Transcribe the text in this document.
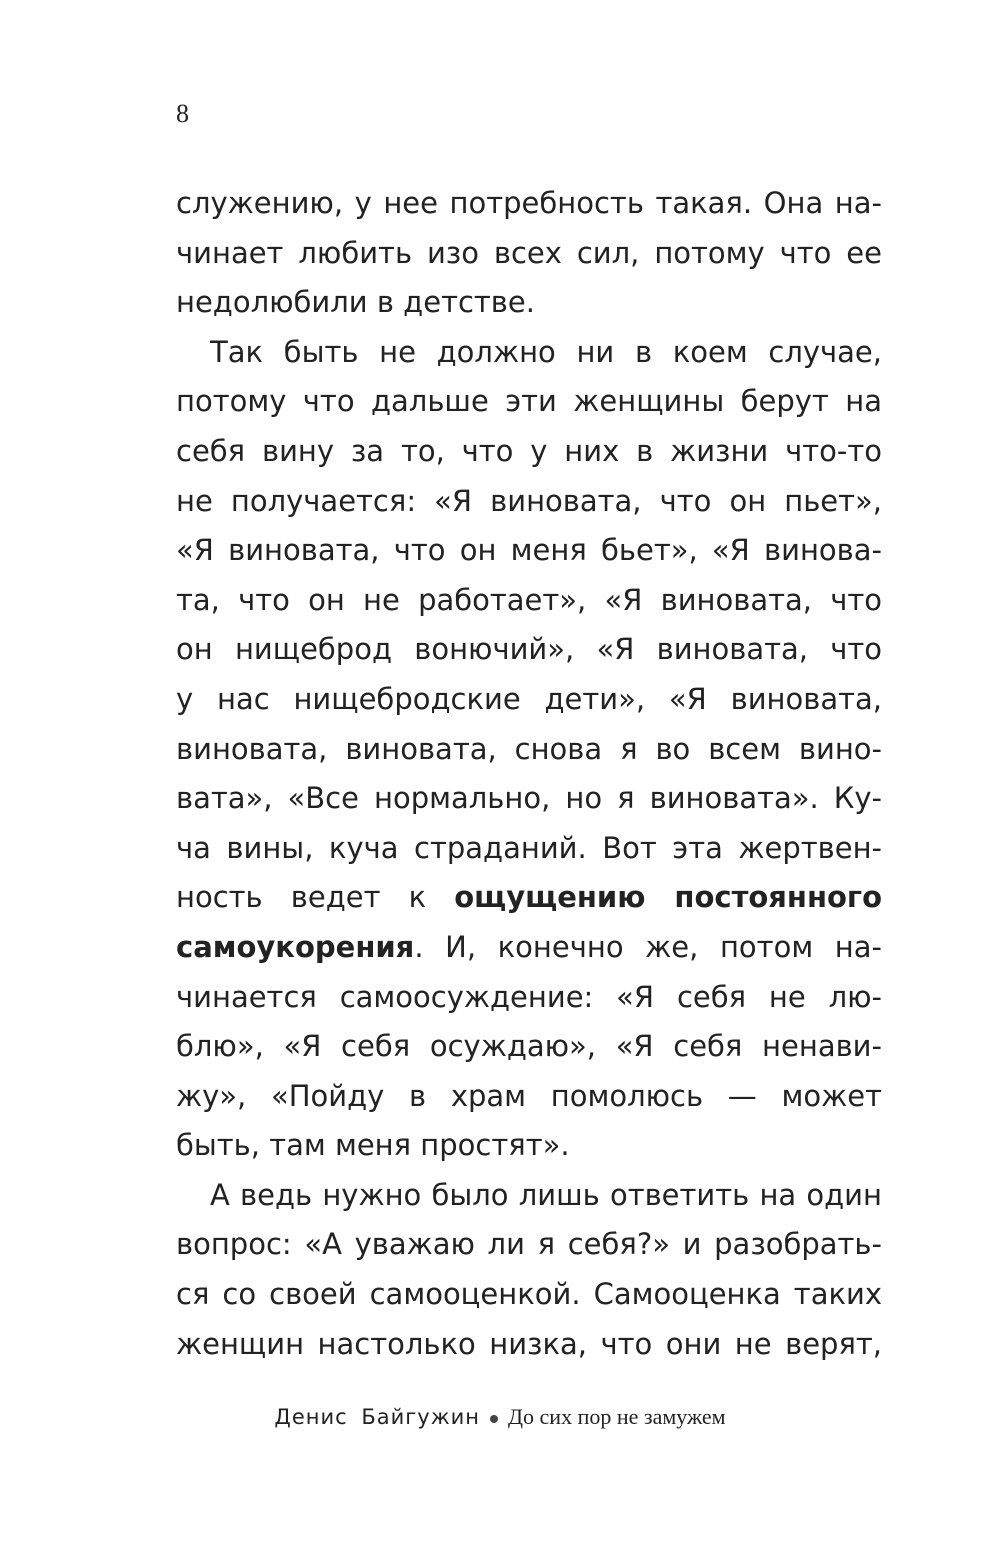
8
служению, у нее потребность такая. Она на-
чинает любить изо всех сил, потому что ее
недолюбили в детстве.
Так быть не должно ни в коем случае,
потому что дальше эти женщины берут на
себя вину за то, что у них в жизни что-то
не получается: «Я виновата, что он пьет»,
«Я виновата, что он меня бьет», «Я винова-
та, что он не работает», «Я виновата, что
он нищеброд вонючий», «Я виновата, что
у нас нищебродские дети», «Я виновата,
виновата, виновата, снова я во всем вино-
вата», «Все нормально, но я виновата». Ку-
ча вины, куча страданий. Вот эта жертвен-
ность ведет к ощущению постоянного
самоукорения. И, конечно же, потом на-
чинается самоосуждение: «Я себя не лю-
блю», «Я себя осуждаю», «Я себя ненави-
жу», «Пойду в храм помолюсь — может
быть, там меня простят».
А ведь нужно было лишь ответить на один
вопрос: «А уважаю ли я себя?» и разобрать-
ся со своей самооценкой. Самооценка таких
женщин настолько низка, что они не верят,
Денис Байгужин До сих пор не замужем
